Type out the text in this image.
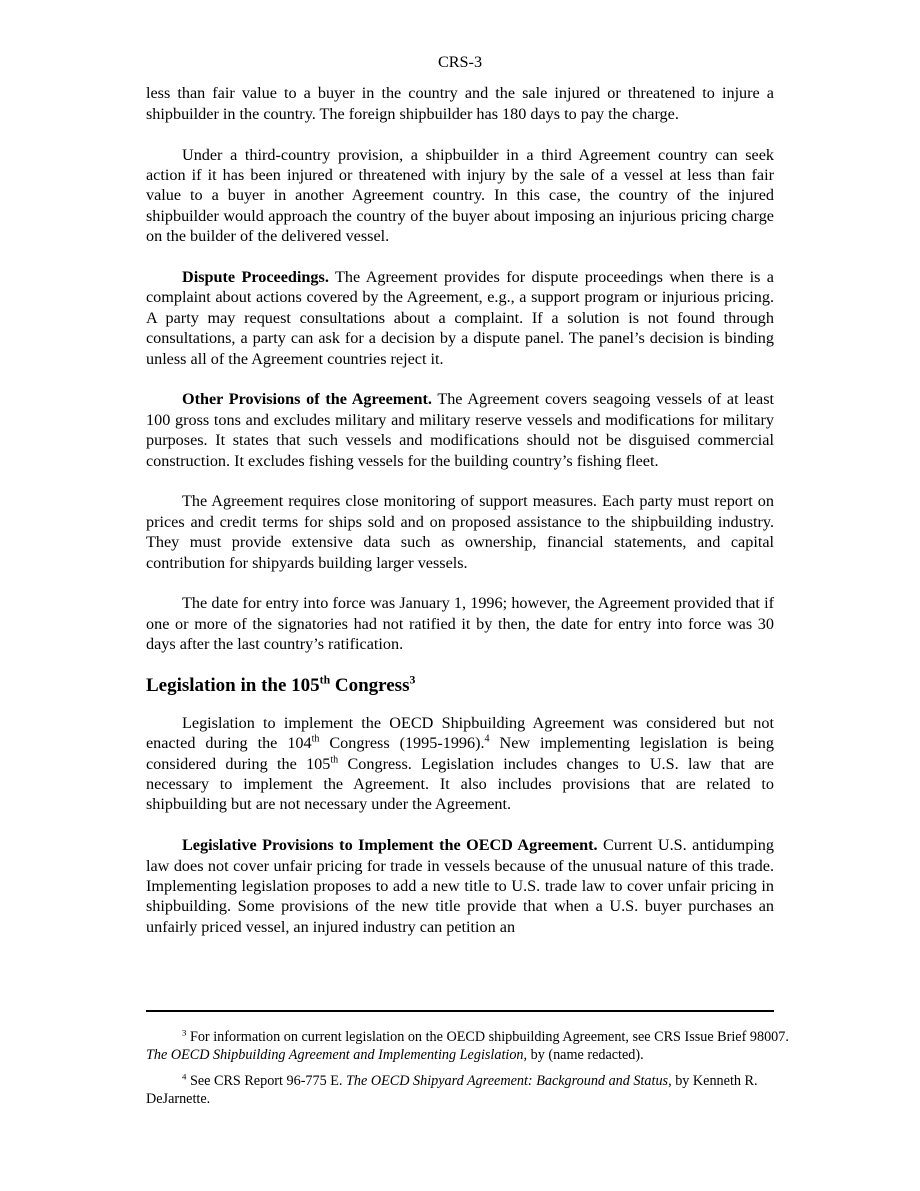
CRS-3

less than fair value to a buyer in the country and the sale injured or threatened to injure a shipbuilder in the country. The foreign shipbuilder has 180 days to pay the charge.

Under a third-country provision, a shipbuilder in a third Agreement country can seek action if it has been injured or threatened with injury by the sale of a vessel at less than fair value to a buyer in another Agreement country. In this case, the country of the injured shipbuilder would approach the country of the buyer about imposing an injurious pricing charge on the builder of the delivered vessel.

Dispute Proceedings. The Agreement provides for dispute proceedings when there is a complaint about actions covered by the Agreement, e.g., a support program or injurious pricing. A party may request consultations about a complaint. If a solution is not found through consultations, a party can ask for a decision by a dispute panel. The panel’s decision is binding unless all of the Agreement countries reject it.

Other Provisions of the Agreement. The Agreement covers seagoing vessels of at least 100 gross tons and excludes military and military reserve vessels and modifications for military purposes. It states that such vessels and modifications should not be disguised commercial construction. It excludes fishing vessels for the building country’s fishing fleet.

The Agreement requires close monitoring of support measures. Each party must report on prices and credit terms for ships sold and on proposed assistance to the shipbuilding industry. They must provide extensive data such as ownership, financial statements, and capital contribution for shipyards building larger vessels.

The date for entry into force was January 1, 1996; however, the Agreement provided that if one or more of the signatories had not ratified it by then, the date for entry into force was 30 days after the last country’s ratification.

Legislation in the 105th Congress$^3$

Legislation to implement the OECD Shipbuilding Agreement was considered but not enacted during the 104th Congress (1995-1996).$^4$ New implementing legislation is being considered during the 105th Congress. Legislation includes changes to U.S. law that are necessary to implement the Agreement. It also includes provisions that are related to shipbuilding but are not necessary under the Agreement.

Legislative Provisions to Implement the OECD Agreement. Current U.S. antidumping law does not cover unfair pricing for trade in vessels because of the unusual nature of this trade. Implementing legislation proposes to add a new title to U.S. trade law to cover unfair pricing in shipbuilding. Some provisions of the new title provide that when a U.S. buyer purchases an unfairly priced vessel, an injured industry can petition an

$^3$ For information on current legislation on the OECD shipbuilding Agreement, see CRS Issue Brief 98007. The OECD Shipbuilding Agreement and Implementing Legislation, by (name redacted).

$^4$ See CRS Report 96-775 E. The OECD Shipyard Agreement: Background and Status, by Kenneth R. DeJarnette.
